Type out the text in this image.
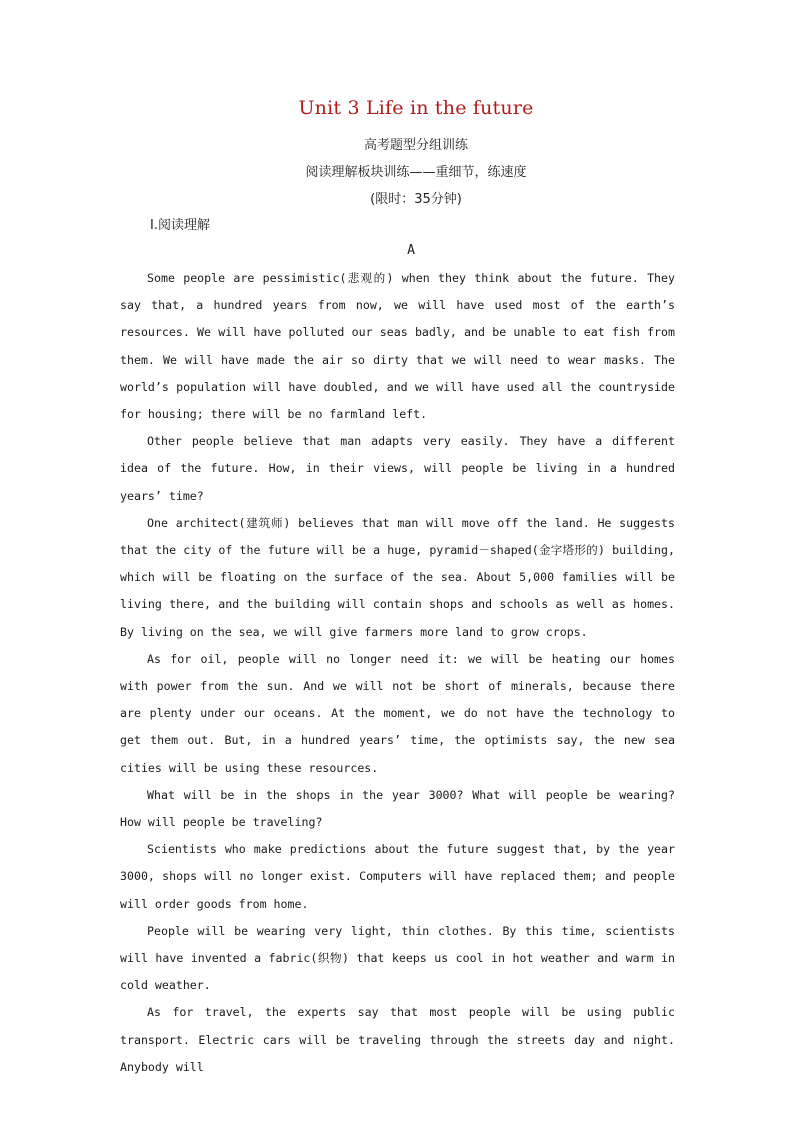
Unit 3 Life in the future
高考题型分组训练
阅读理解板块训练——重细节，练速度
(限时：35分钟)
Ⅰ.阅读理解
A

Some people are pessimistic(悲观的) when they think about the future. They say that, a hundred years from now, we will have used most of the earth’s resources. We will have polluted our seas badly, and be unable to eat fish from them. We will have made the air so dirty that we will need to wear masks. The world’s population will have doubled, and we will have used all the countryside for housing; there will be no farmland left.

Other people believe that man adapts very easily. They have a different idea of the future. How, in their views, will people be living in a hundred years’ time?

One architect(建筑师) believes that man will move off the land. He suggests that the city of the future will be a huge, pyramid－shaped(金字塔形的) building, which will be floating on the surface of the sea. About 5,000 families will be living there, and the building will contain shops and schools as well as homes. By living on the sea, we will give farmers more land to grow crops.

As for oil, people will no longer need it: we will be heating our homes with power from the sun. And we will not be short of minerals, because there are plenty under our oceans. At the moment, we do not have the technology to get them out. But, in a hundred years’ time, the optimists say, the new sea cities will be using these resources.

What will be in the shops in the year 3000? What will people be wearing? How will people be traveling?

Scientists who make predictions about the future suggest that, by the year 3000, shops will no longer exist. Computers will have replaced them; and people will order goods from home.

People will be wearing very light, thin clothes. By this time, scientists will have invented a fabric(织物) that keeps us cool in hot weather and warm in cold weather.

As for travel, the experts say that most people will be using public transport. Electric cars will be traveling through the streets day and night. Anybody will
